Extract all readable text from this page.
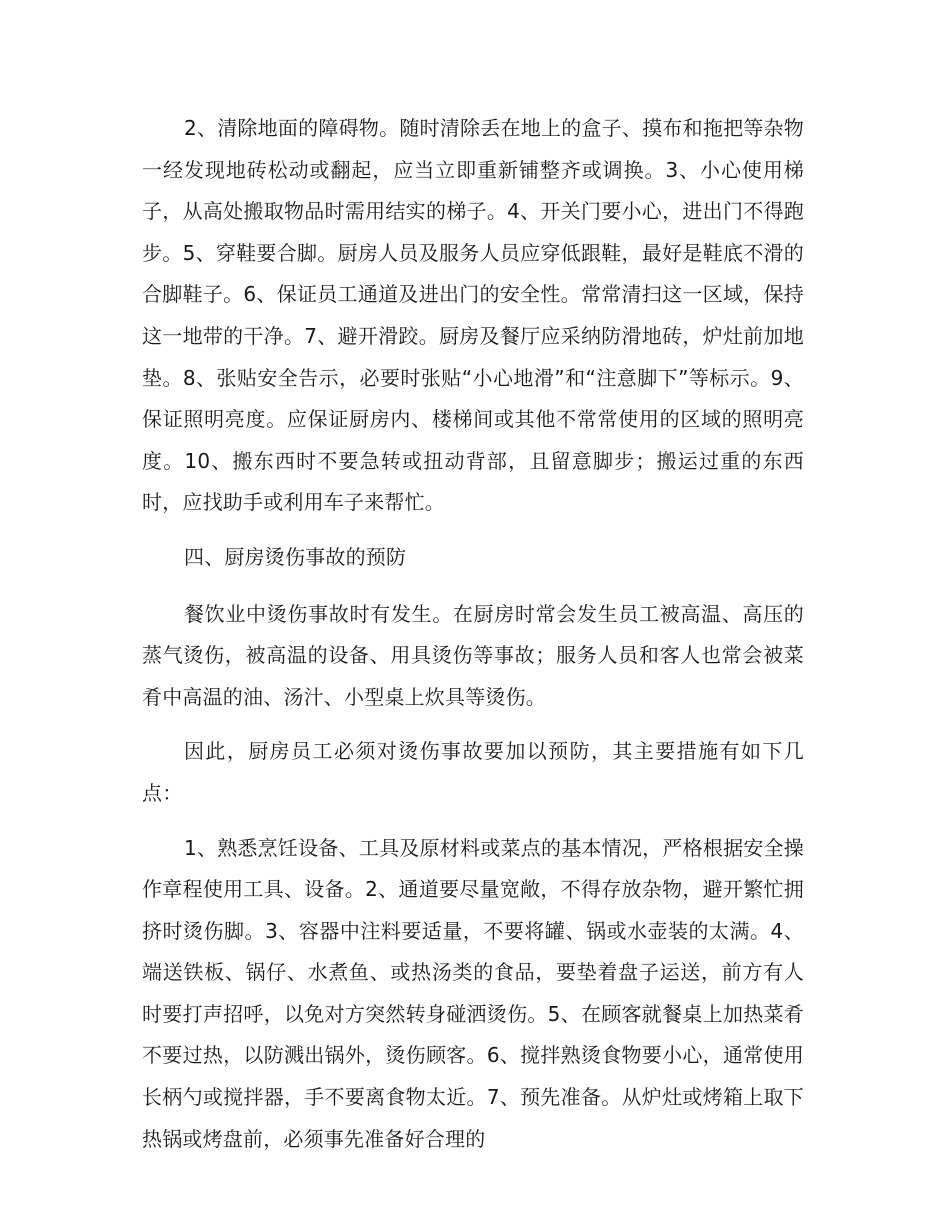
2、清除地面的障碍物。随时清除丢在地上的盒子、摸布和拖把等杂物一经发现地砖松动或翻起，应当立即重新铺整齐或调换。3、小心使用梯子，从高处搬取物品时需用结实的梯子。4、开关门要小心，进出门不得跑步。5、穿鞋要合脚。厨房人员及服务人员应穿低跟鞋，最好是鞋底不滑的合脚鞋子。6、保证员工通道及进出门的安全性。常常清扫这一区域，保持这一地带的干净。7、避开滑跤。厨房及餐厅应采纳防滑地砖，炉灶前加地垫。8、张贴安全告示，必要时张贴“小心地滑”和“注意脚下”等标示。9、保证照明亮度。应保证厨房内、楼梯间或其他不常常使用的区域的照明亮度。10、搬东西时不要急转或扭动背部，且留意脚步；搬运过重的东西时，应找助手或利用车子来帮忙。

四、厨房烫伤事故的预防

餐饮业中烫伤事故时有发生。在厨房时常会发生员工被高温、高压的蒸气烫伤，被高温的设备、用具烫伤等事故；服务人员和客人也常会被菜肴中高温的油、汤汁、小型桌上炊具等烫伤。

因此，厨房员工必须对烫伤事故要加以预防，其主要措施有如下几点：

1、熟悉烹饪设备、工具及原材料或菜点的基本情况，严格根据安全操作章程使用工具、设备。2、通道要尽量宽敞，不得存放杂物，避开繁忙拥挤时烫伤脚。3、容器中注料要适量，不要将罐、锅或水壶装的太满。4、端送铁板、锅仔、水煮鱼、或热汤类的食品，要垫着盘子运送，前方有人时要打声招呼，以免对方突然转身碰洒烫伤。5、在顾客就餐桌上加热菜肴不要过热，以防溅出锅外，烫伤顾客。6、搅拌熟烫食物要小心，通常使用长柄勺或搅拌器，手不要离食物太近。7、预先准备。从炉灶或烤箱上取下热锅或烤盘前，必须事先准备好合理的
